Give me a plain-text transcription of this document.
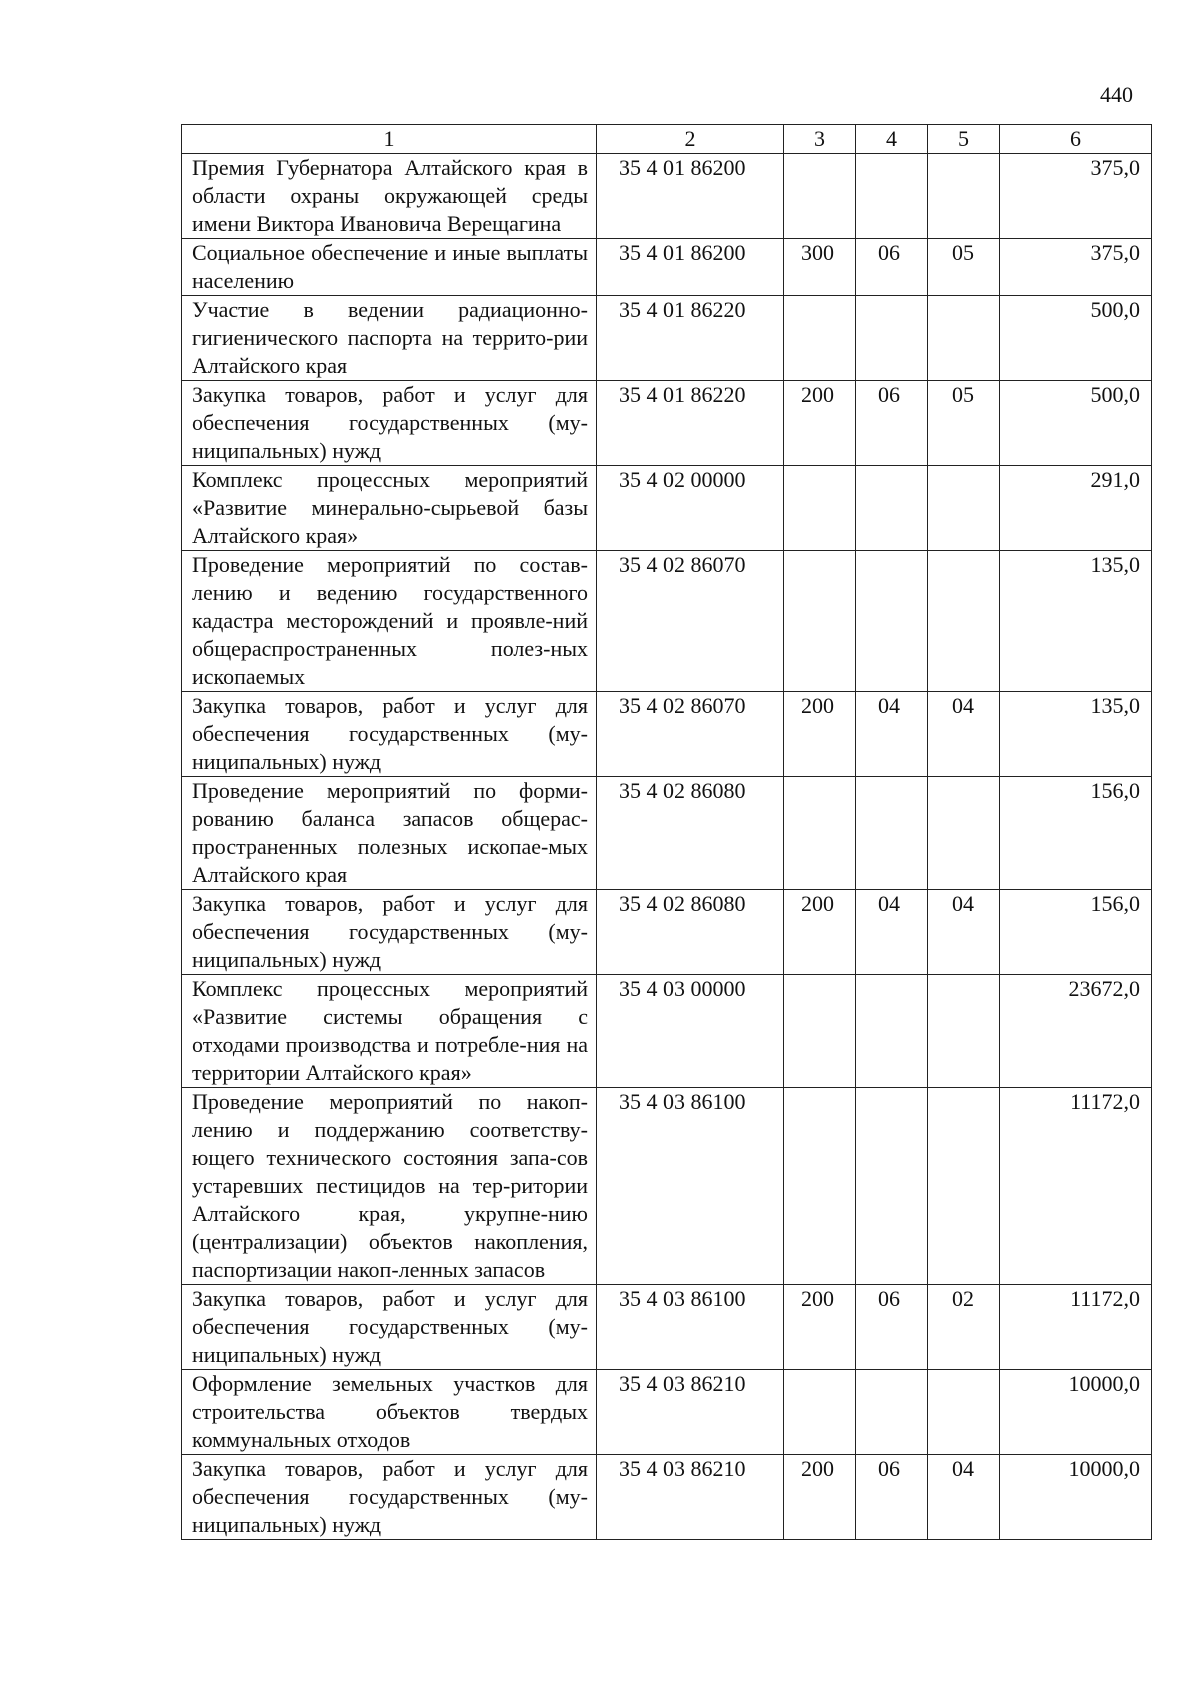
440
1	2	3	4	5	6
Премия Губернатора Алтайского края в области охраны окружающей среды имени Виктора Ивановича Верещагина	35 4 01 86200				375,0
Социальное обеспечение и иные выплаты населению	35 4 01 86200	300	06	05	375,0
Участие в ведении радиационно-гигиенического паспорта на террито-рии Алтайского края	35 4 01 86220				500,0
Закупка товаров, работ и услуг для обеспечения государственных (му-ниципальных) нужд	35 4 01 86220	200	06	05	500,0
Комплекс процессных мероприятий «Развитие минерально-сырьевой базы Алтайского края»	35 4 02 00000				291,0
Проведение мероприятий по состав-лению и ведению государственного кадастра месторождений и проявле-ний общераспространенных полез-ных ископаемых	35 4 02 86070				135,0
Закупка товаров, работ и услуг для обеспечения государственных (му-ниципальных) нужд	35 4 02 86070	200	04	04	135,0
Проведение мероприятий по форми-рованию баланса запасов общерас-пространенных полезных ископае-мых Алтайского края	35 4 02 86080				156,0
Закупка товаров, работ и услуг для обеспечения государственных (му-ниципальных) нужд	35 4 02 86080	200	04	04	156,0
Комплекс процессных мероприятий «Развитие системы обращения с отходами производства и потребле-ния на территории Алтайского края»	35 4 03 00000				23672,0
Проведение мероприятий по накоп-лению и поддержанию соответству-ющего технического состояния запа-сов устаревших пестицидов на тер-ритории Алтайского края, укрупне-нию (централизации) объектов накопления, паспортизации накоп-ленных запасов	35 4 03 86100				11172,0
Закупка товаров, работ и услуг для обеспечения государственных (му-ниципальных) нужд	35 4 03 86100	200	06	02	11172,0
Оформление земельных участков для строительства объектов твердых коммунальных отходов	35 4 03 86210				10000,0
Закупка товаров, работ и услуг для обеспечения государственных (му-ниципальных) нужд	35 4 03 86210	200	06	04	10000,0
